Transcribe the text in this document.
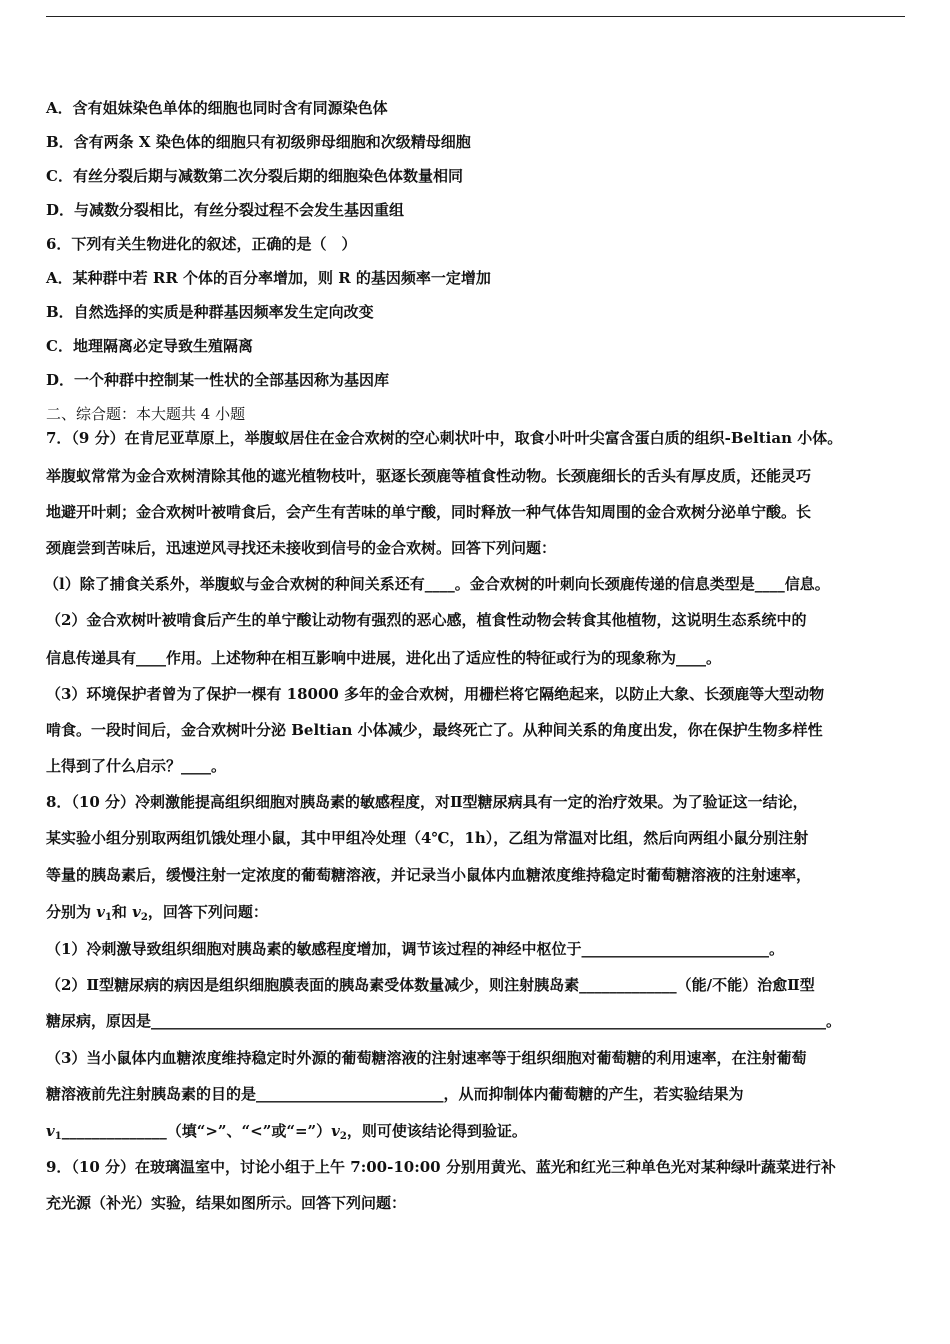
A．含有姐妹染色单体的细胞也同时含有同源染色体
B．含有两条 X 染色体的细胞只有初级卵母细胞和次级精母细胞
C．有丝分裂后期与减数第二次分裂后期的细胞染色体数量相同
D．与减数分裂相比，有丝分裂过程不会发生基因重组
6．下列有关生物进化的叙述，正确的是（　）
A．某种群中若 RR 个体的百分率增加，则 R 的基因频率一定增加
B．自然选择的实质是种群基因频率发生定向改变
C．地理隔离必定导致生殖隔离
D．一个种群中控制某一性状的全部基因称为基因库
二、综合题：本大题共 4 小题
7．（9 分）在肯尼亚草原上，举腹蚁居住在金合欢树的空心刺状叶中，取食小叶叶尖富含蛋白质的组织-Beltian 小体。
举腹蚁常常为金合欢树清除其他的遮光植物枝叶，驱逐长颈鹿等植食性动物。长颈鹿细长的舌头有厚皮质，还能灵巧
地避开叶刺；金合欢树叶被啃食后，会产生有苦味的单宁酸，同时释放一种气体告知周围的金合欢树分泌单宁酸。长
颈鹿尝到苦味后，迅速逆风寻找还未接收到信号的金合欢树。回答下列问题：
（l）除了捕食关系外，举腹蚁与金合欢树的种间关系还有____。金合欢树的叶刺向长颈鹿传递的信息类型是____信息。
（2）金合欢树叶被啃食后产生的单宁酸让动物有强烈的恶心感，植食性动物会转食其他植物，这说明生态系统中的
信息传递具有____作用。上述物种在相互影响中进展，进化出了适应性的特征或行为的现象称为____。
（3）环境保护者曾为了保护一棵有 18000 多年的金合欢树，用栅栏将它隔绝起来，以防止大象、长颈鹿等大型动物
啃食。一段时间后，金合欢树叶分泌 Beltian 小体减少，最终死亡了。从种间关系的角度出发，你在保护生物多样性
上得到了什么启示？____。
8．（10 分）冷刺激能提高组织细胞对胰岛素的敏感程度，对Ⅱ型糖尿病具有一定的治疗效果。为了验证这一结论，
某实验小组分别取两组饥饿处理小鼠，其中甲组冷处理（4℃，1h），乙组为常温对比组，然后向两组小鼠分别注射
等量的胰岛素后，缓慢注射一定浓度的葡萄糖溶液，并记录当小鼠体内血糖浓度维持稳定时葡萄糖溶液的注射速率，
分别为 $v_1$和 $v_2$，回答下列问题：
（1）冷刺激导致组织细胞对胰岛素的敏感程度增加，调节该过程的神经中枢位于_________________________。
（2）Ⅱ型糖尿病的病因是组织细胞膜表面的胰岛素受体数量减少，则注射胰岛素_____________（能/不能）治愈Ⅱ型
糖尿病，原因是__________________________________________________________________________________________。
（3）当小鼠体内血糖浓度维持稳定时外源的葡萄糖溶液的注射速率等于组织细胞对葡萄糖的利用速率，在注射葡萄
糖溶液前先注射胰岛素的目的是_________________________，从而抑制体内葡萄糖的产生，若实验结果为
$v_1\_\_\_\_\_\_\_\_\_\_\_\_\_\_$（填“>”、“<”或“$=”)v_2$，则可使该结论得到验证。
9．（10 分）在玻璃温室中，讨论小组于上午 7:00-10:00 分别用黄光、蓝光和红光三种单色光对某种绿叶蔬菜进行补
充光源（补光）实验，结果如图所示。回答下列问题：
